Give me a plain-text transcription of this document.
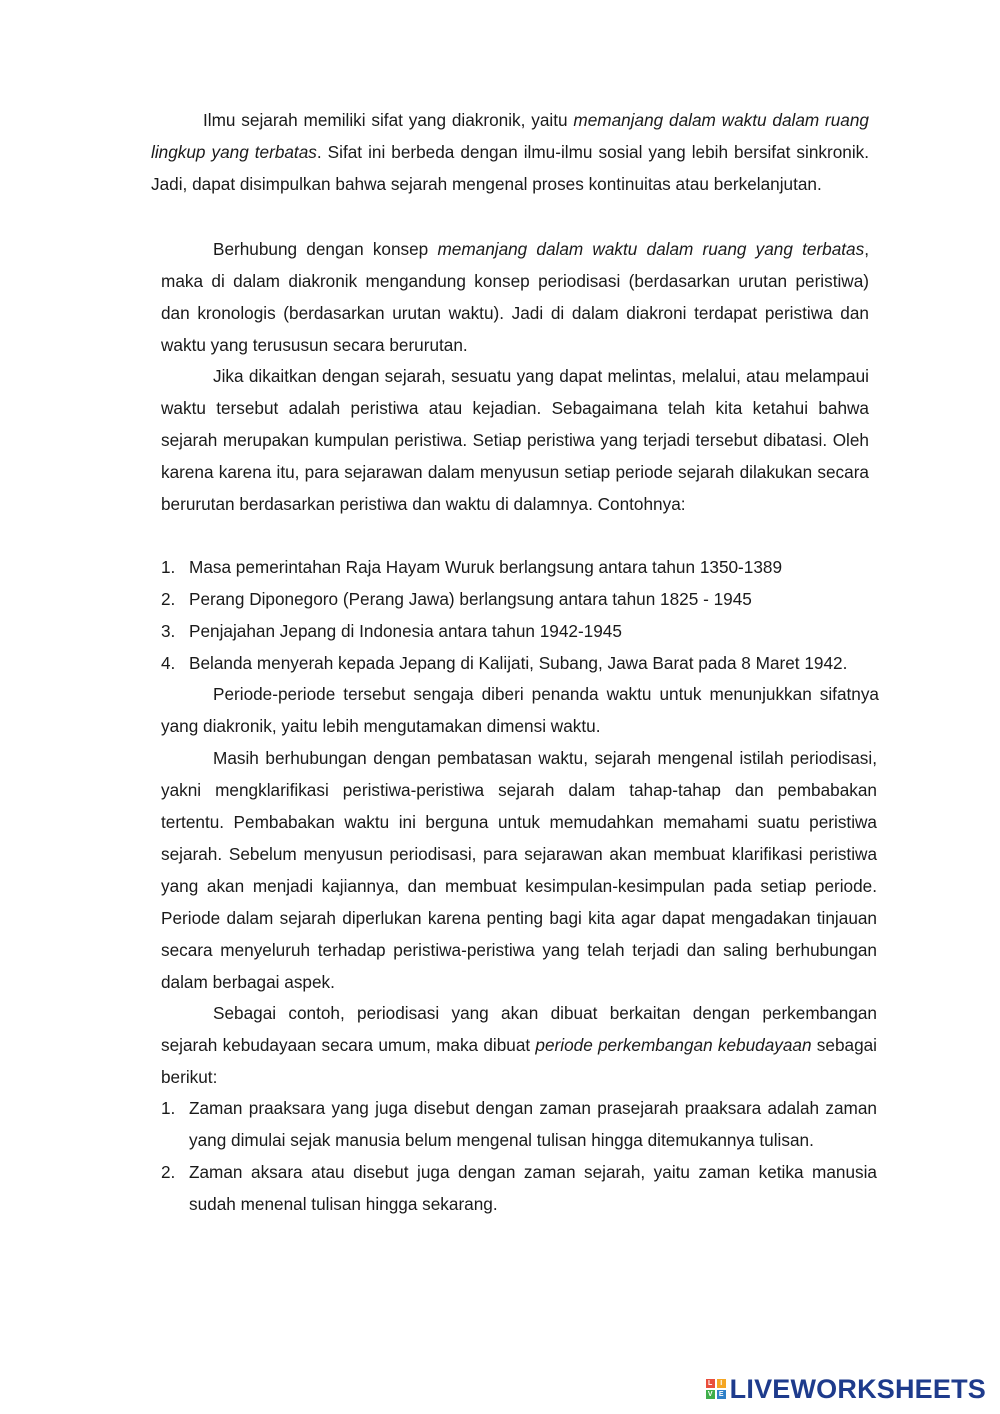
Ilmu sejarah memiliki sifat yang diakronik, yaitu memanjang dalam waktu dalam ruang lingkup yang terbatas. Sifat ini berbeda dengan ilmu-ilmu sosial yang lebih bersifat sinkronik. Jadi, dapat disimpulkan bahwa sejarah mengenal proses kontinuitas atau berkelanjutan.

Berhubung dengan konsep memanjang dalam waktu dalam ruang yang terbatas, maka di dalam diakronik mengandung konsep periodisasi (berdasarkan urutan peristiwa) dan kronologis (berdasarkan urutan waktu). Jadi di dalam diakroni terdapat peristiwa dan waktu yang terususun secara berurutan.

Jika dikaitkan dengan sejarah, sesuatu yang dapat melintas, melalui, atau melampaui waktu tersebut adalah peristiwa atau kejadian. Sebagaimana telah kita ketahui bahwa sejarah merupakan kumpulan peristiwa. Setiap peristiwa yang terjadi tersebut dibatasi. Oleh karena karena itu, para sejarawan dalam menyusun setiap periode sejarah dilakukan secara berurutan berdasarkan peristiwa dan waktu di dalamnya. Contohnya:

1. Masa pemerintahan Raja Hayam Wuruk berlangsung antara tahun 1350-1389
2. Perang Diponegoro (Perang Jawa) berlangsung antara tahun 1825 - 1945
3. Penjajahan Jepang di Indonesia antara tahun 1942-1945
4. Belanda menyerah kepada Jepang di Kalijati, Subang, Jawa Barat pada 8 Maret 1942.

Periode-periode tersebut sengaja diberi penanda waktu untuk menunjukkan sifatnya yang diakronik, yaitu lebih mengutamakan dimensi waktu.

Masih berhubungan dengan pembatasan waktu, sejarah mengenal istilah periodisasi, yakni mengklarifikasi peristiwa-peristiwa sejarah dalam tahap-tahap dan pembabakan tertentu. Pembabakan waktu ini berguna untuk memudahkan memahami suatu peristiwa sejarah. Sebelum menyusun periodisasi, para sejarawan akan membuat klarifikasi peristiwa yang akan menjadi kajiannya, dan membuat kesimpulan-kesimpulan pada setiap periode. Periode dalam sejarah diperlukan karena penting bagi kita agar dapat mengadakan tinjauan secara menyeluruh terhadap peristiwa-peristiwa yang telah terjadi dan saling berhubungan dalam berbagai aspek.

Sebagai contoh, periodisasi yang akan dibuat berkaitan dengan perkembangan sejarah kebudayaan secara umum, maka dibuat periode perkembangan kebudayaan sebagai berikut:

1. Zaman praaksara yang juga disebut dengan zaman prasejarah praaksara adalah zaman yang dimulai sejak manusia belum mengenal tulisan hingga ditemukannya tulisan.
2. Zaman aksara atau disebut juga dengan zaman sejarah, yaitu zaman ketika manusia sudah menenal tulisan hingga sekarang.
L	I
V E LIVEWORKSHEETS
